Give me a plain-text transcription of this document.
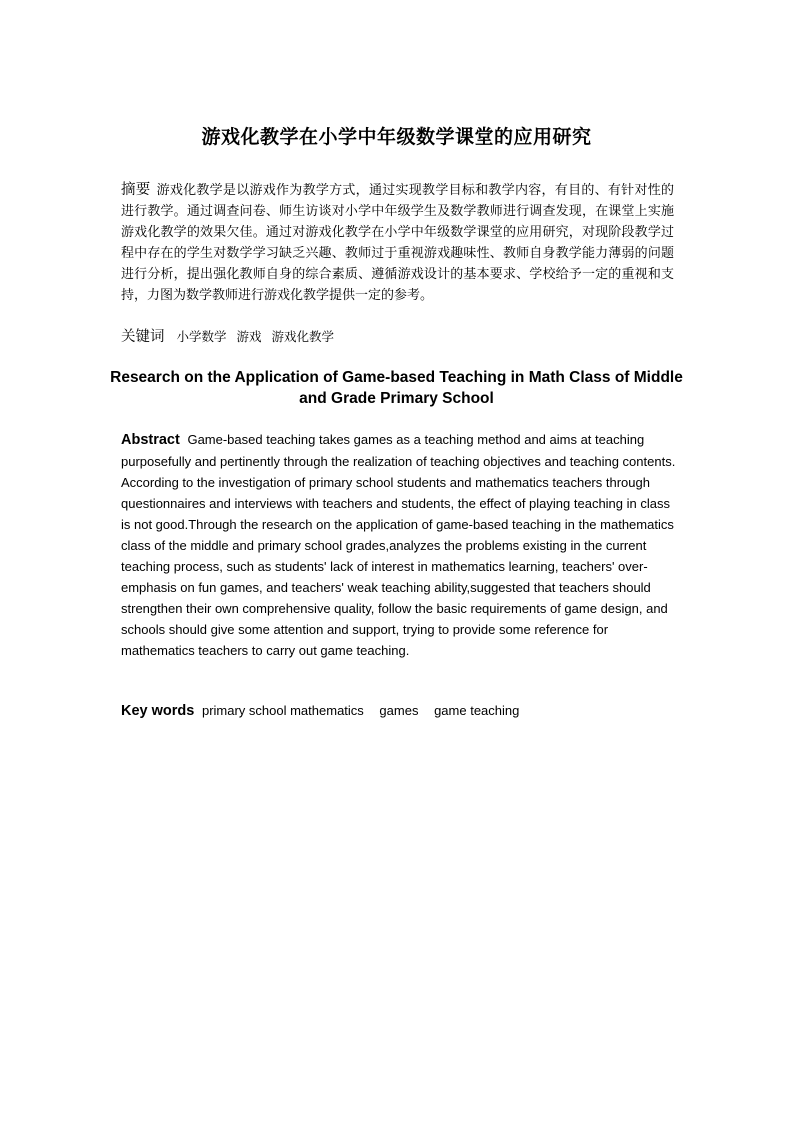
游戏化教学在小学中年级数学课堂的应用研究
摘要 游戏化教学是以游戏作为教学方式，通过实现教学目标和教学内容，有目的、有针对性的进行教学。通过调查问卷、师生访谈对小学中年级学生及数学教师进行调查发现，在课堂上实施游戏化教学的效果欠佳。通过对游戏化教学在小学中年级数学课堂的应用研究，对现阶段教学过程中存在的学生对数学学习缺乏兴趣、教师过于重视游戏趣味性、教师自身教学能力薄弱的问题进行分析，提出强化教师自身的综合素质、遵循游戏设计的基本要求、学校给予一定的重视和支持，力图为数学教师进行游戏化教学提供一定的参考。
关键词 小学数学 游戏 游戏化教学
Research on the Application of Game-based Teaching in Math Class of Middle and Grade Primary School
Abstract Game-based teaching takes games as a teaching method and aims at teaching purposefully and pertinently through the realization of teaching objectives and teaching contents. According to the investigation of primary school students and mathematics teachers through questionnaires and interviews with teachers and students, the effect of playing teaching in class is not good.Through the research on the application of game-based teaching in the mathematics class of the middle and primary school grades,analyzes the problems existing in the current teaching process, such as students' lack of interest in mathematics learning, teachers' over-emphasis on fun games, and teachers' weak teaching ability,suggested that teachers should strengthen their own comprehensive quality, follow the basic requirements of game design, and schools should give some attention and support, trying to provide some reference for mathematics teachers to carry out game teaching.
Key words primary school mathematics games game teaching
